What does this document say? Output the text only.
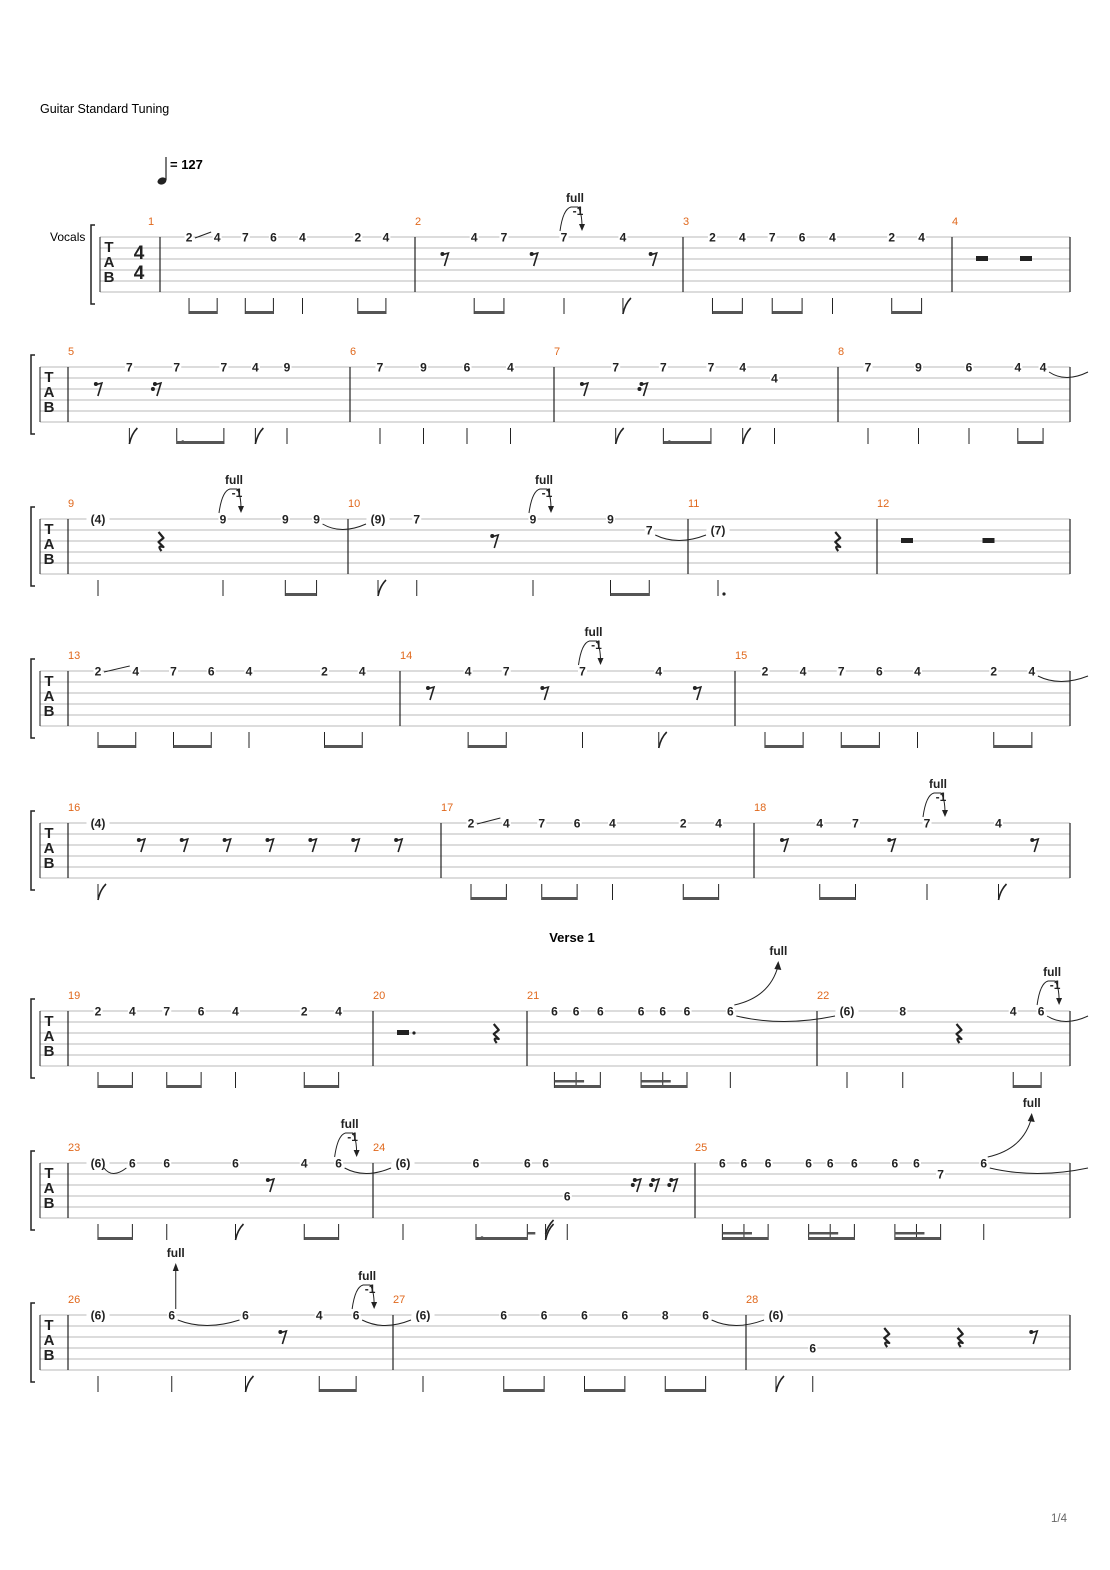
Guitar Standard Tuning
= 127
Vocals
Verse 1
1/4
T
A
B
4
4
1
2 4 7 6 4	2 4
2
4 7	7
full
-1
4
3
2 4 7 6 4	2 4
4
T
A
B
5
7	7	7 4 9
6
7	9	6	4
7
7	7	7 4
4
8
7	9	6	4 4
T
A
B
9
(4)	9
full
-1
9 9
10
(9) 7	9
full
-1
9
7
11
(7)
12
T
A
B
13
2	4	7	6	4	2	4
14
4	7	7
full
-1
4
15
2	4	7	6	4	2	4
T
A
B
16
(4)
17
2 4 7 6 4	2 4
18
4 7	7
full
-1
4
T
A
B
19
2 4 7 6 4	2 4
20	21
6 6 6	6 6 6	6
full
22
(6)	8	4 6
full
-1
T
A
B
23
(6) 6 6	6	4 6
full
-1
24
(6)	6	6 6
6
25
6 6 6	6 6 6	6 6
7
6
full
T
A
B
26
(6)	6
full
6	4	6
full
-1
27
(6)	6	6	6	6	8	6
28
(6)
6
